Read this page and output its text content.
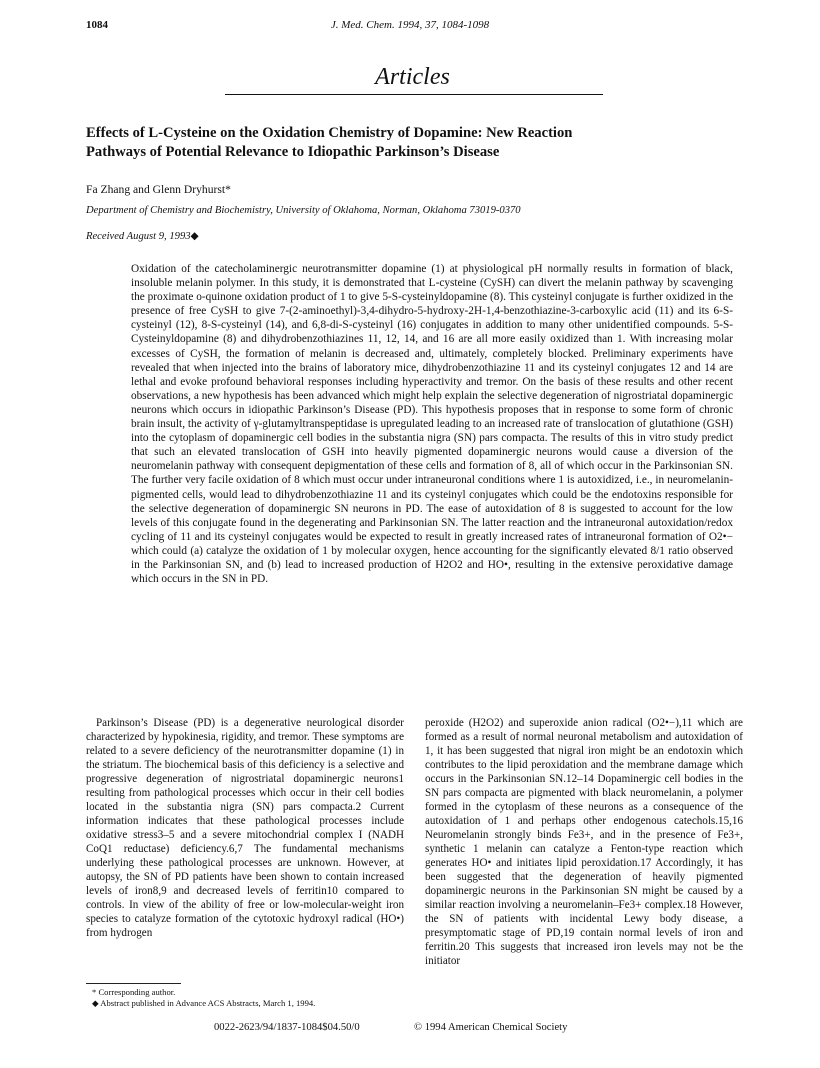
1084	J. Med. Chem. 1994, 37, 1084-1098
Articles
Effects of L-Cysteine on the Oxidation Chemistry of Dopamine: New Reaction
Pathways of Potential Relevance to Idiopathic Parkinson’s Disease
Fa Zhang and Glenn Dryhurst*
Department of Chemistry and Biochemistry, University of Oklahoma, Norman, Oklahoma 73019-0370
Received August 9, 1993◆
Oxidation of the catecholaminergic neurotransmitter dopamine (1) at physiological pH normally results in formation of black, insoluble melanin polymer. In this study, it is demonstrated that L-cysteine (CySH) can divert the melanin pathway by scavenging the proximate o-quinone oxidation product of 1 to give 5-S-cysteinyldopamine (8). This cysteinyl conjugate is further oxidized in the presence of free CySH to give 7-(2-aminoethyl)-3,4-dihydro-5-hydroxy-2H-1,4-benzothiazine-3-carboxylic acid (11) and its 6-S-cysteinyl (12), 8-S-cysteinyl (14), and 6,8-di-S-cysteinyl (16) conjugates in addition to many other unidentified compounds. 5-S-Cysteinyldopamine (8) and dihydrobenzothiazines 11, 12, 14, and 16 are all more easily oxidized than 1. With increasing molar excesses of CySH, the formation of melanin is decreased and, ultimately, completely blocked. Preliminary experiments have revealed that when injected into the brains of laboratory mice, dihydrobenzothiazine 11 and its cysteinyl conjugates 12 and 14 are lethal and evoke profound behavioral responses including hyperactivity and tremor. On the basis of these results and other recent observations, a new hypothesis has been advanced which might help explain the selective degeneration of nigrostriatal dopaminergic neurons which occurs in idiopathic Parkinson’s Disease (PD). This hypothesis proposes that in response to some form of chronic brain insult, the activity of γ-glutamyltranspeptidase is upregulated leading to an increased rate of translocation of glutathione (GSH) into the cytoplasm of dopaminergic cell bodies in the substantia nigra (SN) pars compacta. The results of this in vitro study predict that such an elevated translocation of GSH into heavily pigmented dopaminergic neurons would cause a diversion of the neuromelanin pathway with consequent depigmentation of these cells and formation of 8, all of which occur in the Parkinsonian SN. The further very facile oxidation of 8 which must occur under intraneuronal conditions where 1 is autoxidized, i.e., in neuromelanin-pigmented cells, would lead to dihydrobenzothiazine 11 and its cysteinyl conjugates which could be the endotoxins responsible for the selective degeneration of dopaminergic SN neurons in PD. The ease of autoxidation of 8 is suggested to account for the low levels of this conjugate found in the degenerating and Parkinsonian SN. The latter reaction and the intraneuronal autoxidation/redox cycling of 11 and its cysteinyl conjugates would be expected to result in greatly increased rates of intraneuronal formation of O2•− which could (a) catalyze the oxidation of 1 by molecular oxygen, hence accounting for the significantly elevated 8/1 ratio observed in the Parkinsonian SN, and (b) lead to increased production of H2O2 and HO•, resulting in the extensive peroxidative damage which occurs in the SN in PD.

Parkinson’s Disease (PD) is a degenerative neurological disorder characterized by hypokinesia, rigidity, and tremor. These symptoms are related to a severe deficiency of the neurotransmitter dopamine (1) in the striatum. The biochemical basis of this deficiency is a selective and progressive degeneration of nigrostriatal dopaminergic neurons1 resulting from pathological processes which occur in their cell bodies located in the substantia nigra (SN) pars compacta.2 Current information indicates that these pathological processes include oxidative stress3–5 and a severe mitochondrial complex I (NADH CoQ1 reductase) deficiency.6,7 The fundamental mechanisms underlying these pathological processes are unknown. However, at autopsy, the SN of PD patients have been shown to contain increased levels of iron8,9 and decreased levels of ferritin10 compared to controls. In view of the ability of free or low-molecular-weight iron species to catalyze formation of the cytotoxic hydroxyl radical (HO•) from hydrogen

peroxide (H2O2) and superoxide anion radical (O2•−),11 which are formed as a result of normal neuronal metabolism and autoxidation of 1, it has been suggested that nigral iron might be an endotoxin which contributes to the lipid peroxidation and the membrane damage which occurs in the Parkinsonian SN.12–14 Dopaminergic cell bodies in the SN pars compacta are pigmented with black neuromelanin, a polymer formed in the cytoplasm of these neurons as a consequence of the autoxidation of 1 and perhaps other endogenous catechols.15,16 Neuromelanin strongly binds Fe3+, and in the presence of Fe3+, synthetic 1 melanin can catalyze a Fenton-type reaction which generates HO• and initiates lipid peroxidation.17 Accordingly, it has been suggested that the degeneration of heavily pigmented dopaminergic neurons in the Parkinsonian SN might be caused by a similar reaction involving a neuromelanin–Fe3+ complex.18 However, the SN of patients with incidental Lewy body disease, a presymptomatic stage of PD,19 contain normal levels of iron and ferritin.20 This suggests that increased iron levels may not be the initiator

* Corresponding author.
◆ Abstract published in Advance ACS Abstracts, March 1, 1994.
0022-2623/94/1837-1084$04.50/0	© 1994 American Chemical Society
